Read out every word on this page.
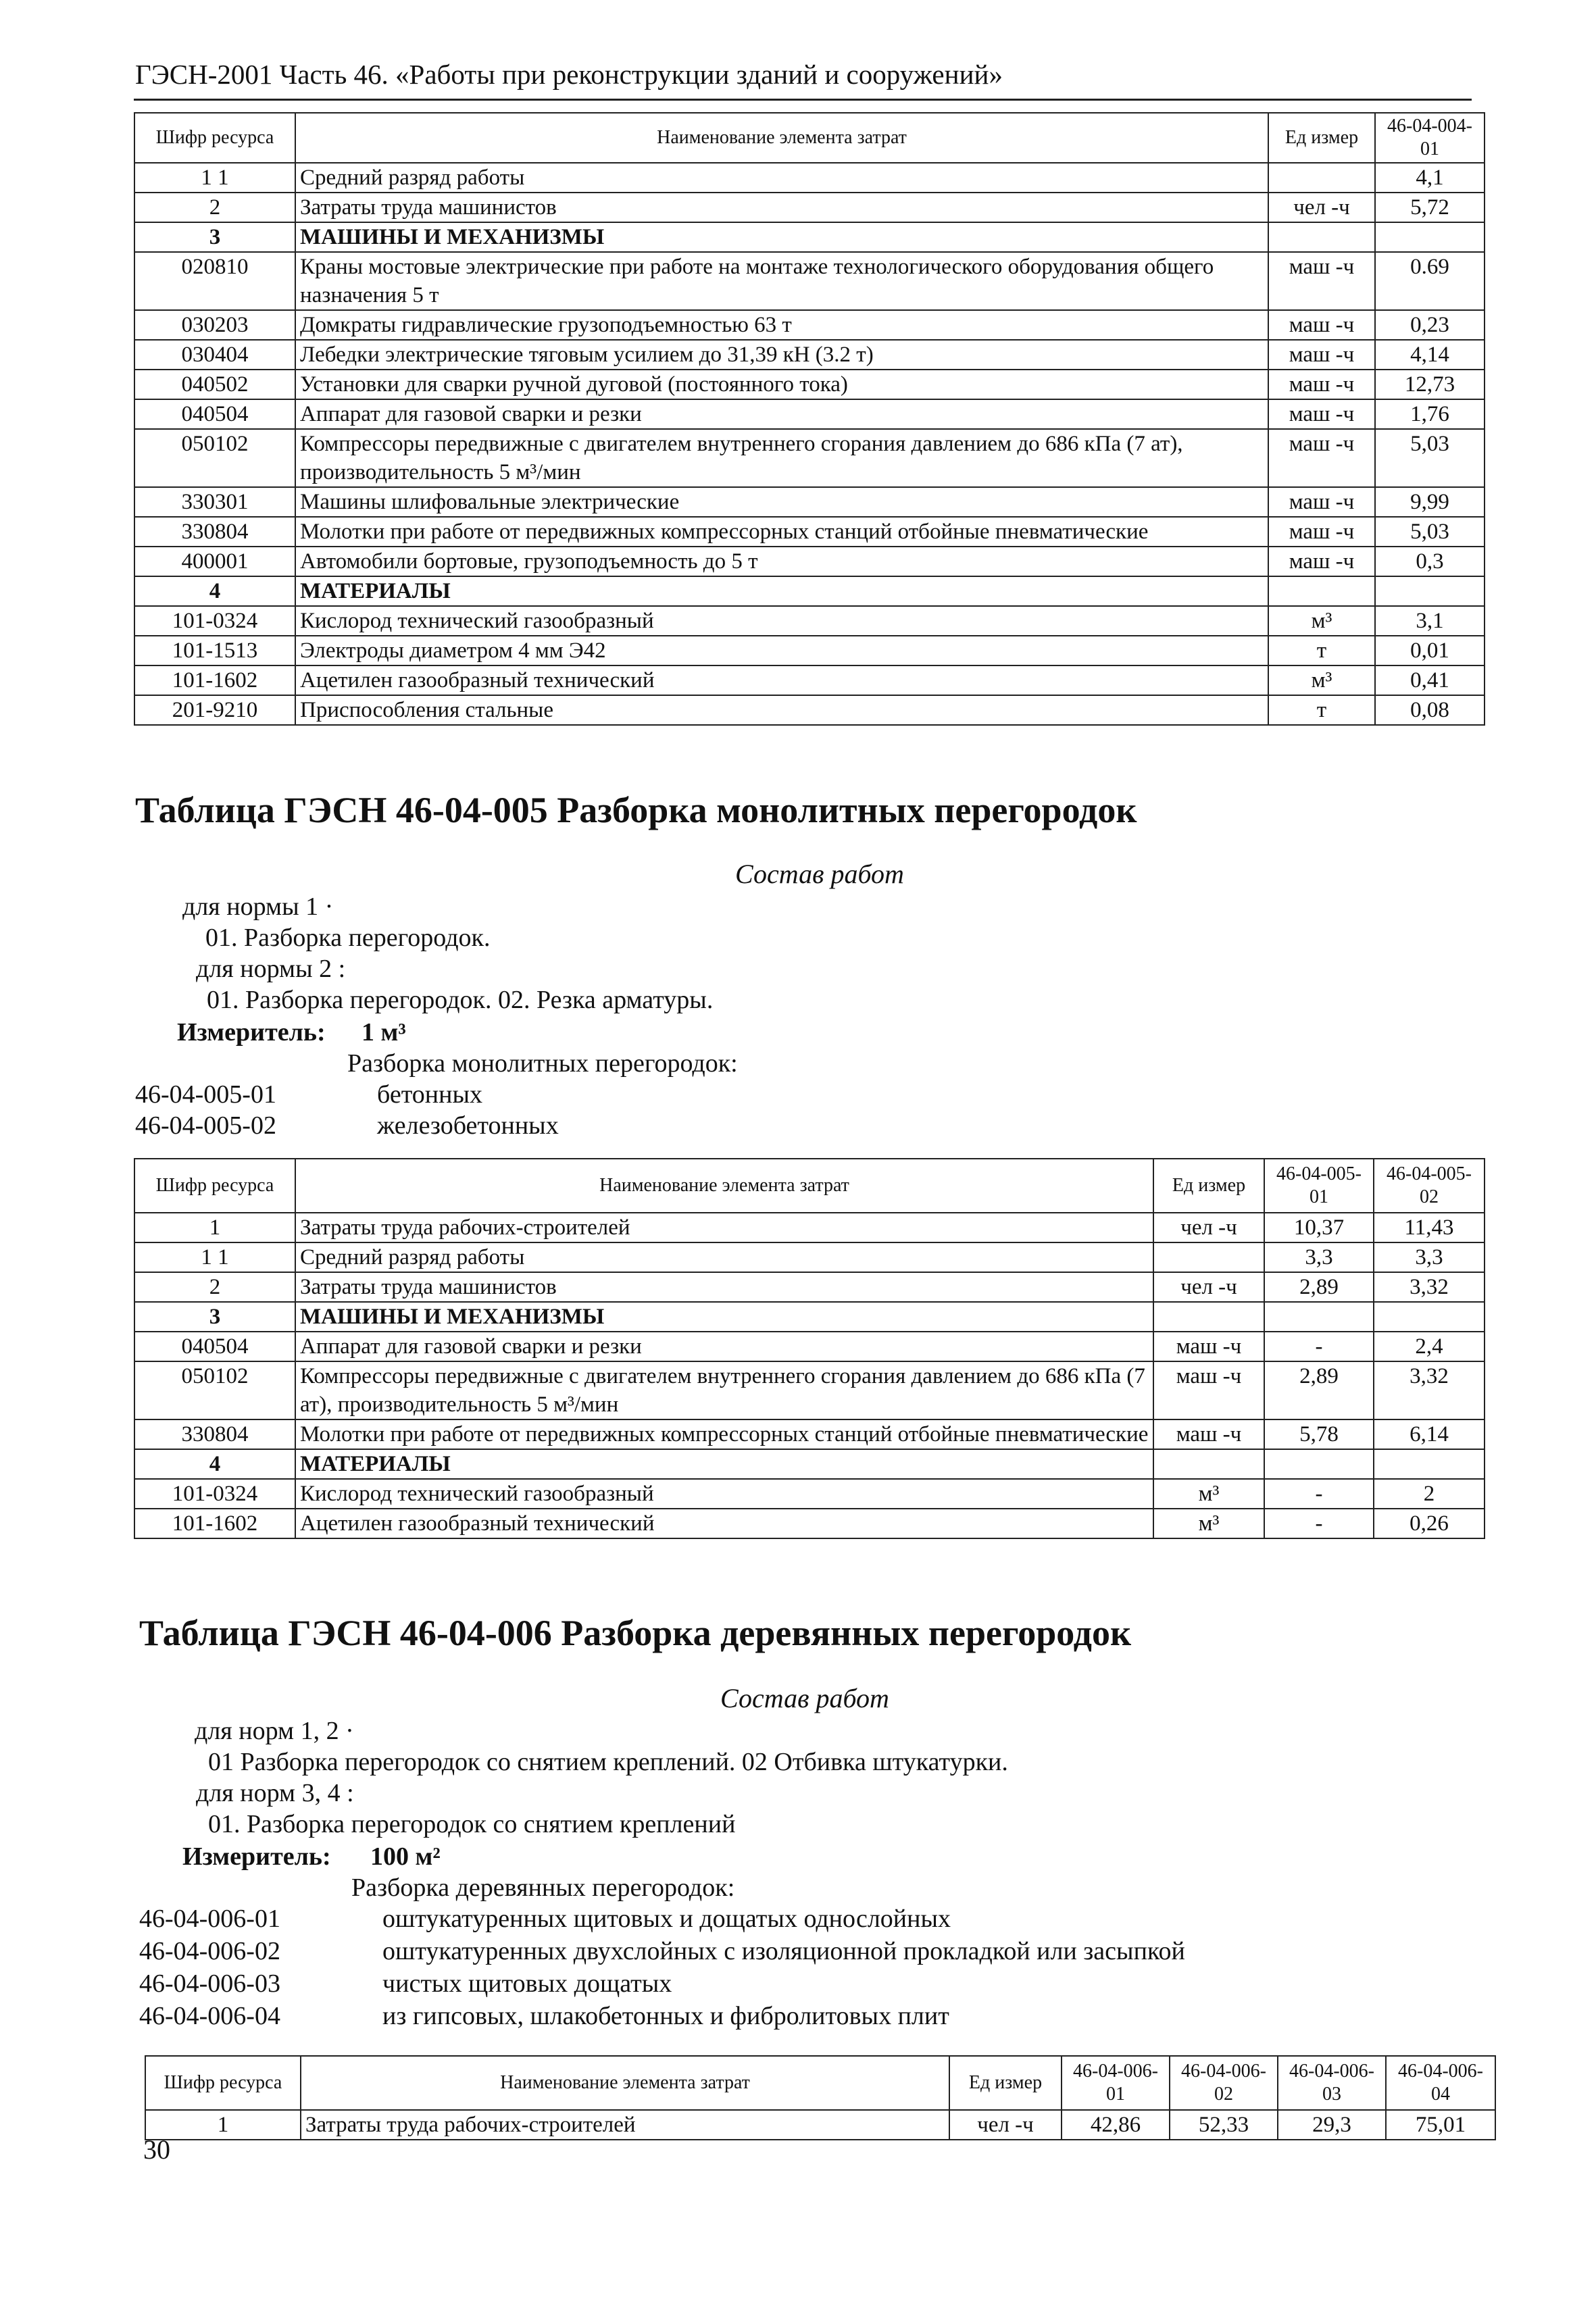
ГЭСН-2001 Часть 46. «Работы при реконструкции зданий и сооружений»
Шифр ресурса	Наименование элемента затрат	Ед измер	46-04-004-01
1 1	Средний разряд работы		4,1
2	Затраты труда машинистов	чел -ч	5,72
3	МАШИНЫ И МЕХАНИЗМЫ		
020810	Краны мостовые электрические при работе на монтаже технологического оборудования общего назначения 5 т	маш -ч	0.69
030203	Домкраты гидравлические грузоподъемностью 63 т	маш -ч	0,23
030404	Лебедки электрические тяговым усилием до 31,39 кН (3.2 т)	маш -ч	4,14
040502	Установки для сварки ручной дуговой (постоянного тока)	маш -ч	12,73
040504	Аппарат для газовой сварки и резки	маш -ч	1,76
050102	Компрессоры передвижные с двигателем внутреннего сгорания давлением до 686 кПа (7 ат), производительность 5 м³/мин	маш -ч	5,03
330301	Машины шлифовальные электрические	маш -ч	9,99
330804	Молотки при работе от передвижных компрессорных станций отбойные пневматические	маш -ч	5,03
400001	Автомобили бортовые, грузоподъемность до 5 т	маш -ч	0,3
4	МАТЕРИАЛЫ		
101-0324	Кислород технический газообразный	м³	3,1
101-1513	Электроды диаметром 4 мм Э42	т	0,01
101-1602	Ацетилен газообразный технический	м³	0,41
201-9210	Приспособления стальные	т	0,08
Таблица ГЭСН 46-04-005 Разборка монолитных перегородок
Состав работ
для нормы 1 ·
01. Разборка перегородок.
для нормы 2 :
01. Разборка перегородок. 02. Резка арматуры.
Измеритель: 1 м³
Разборка монолитных перегородок:
46-04-005-01	бетонных
46-04-005-02	железобетонных
Шифр ресурса	Наименование элемента затрат	Ед измер	46-04-005-01	46-04-005-02
1	Затраты труда рабочих-строителей	чел -ч	10,37	11,43
1 1	Средний разряд работы		3,3	3,3
2	Затраты труда машинистов	чел -ч	2,89	3,32
3	МАШИНЫ И МЕХАНИЗМЫ			
040504	Аппарат для газовой сварки и резки	маш -ч	-	2,4
050102	Компрессоры передвижные с двигателем внутреннего сгорания давлением до 686 кПа (7 ат), производительность 5 м³/мин	маш -ч	2,89	3,32
330804	Молотки при работе от передвижных компрессорных станций отбойные пневматические	маш -ч	5,78	6,14
4	МАТЕРИАЛЫ			
101-0324	Кислород технический газообразный	м³	-	2
101-1602	Ацетилен газообразный технический	м³	-	0,26
Таблица ГЭСН 46-04-006 Разборка деревянных перегородок
Состав работ
для норм 1, 2 ·
01 Разборка перегородок со снятием креплений. 02 Отбивка штукатурки.
для норм 3, 4 :
01. Разборка перегородок со снятием креплений
Измеритель: 100 м²
Разборка деревянных перегородок:
46-04-006-01	оштукатуренных щитовых и дощатых однослойных
46-04-006-02	оштукатуренных двухслойных с изоляционной прокладкой или засыпкой
46-04-006-03	чистых щитовых дощатых
46-04-006-04	из гипсовых, шлакобетонных и фибролитовых плит
Шифр ресурса	Наименование элемента затрат	Ед измер	46-04-006-01	46-04-006-02	46-04-006-03	46-04-006-04
1	Затраты труда рабочих-строителей	чел -ч	42,86	52,33	29,3	75,01
30
